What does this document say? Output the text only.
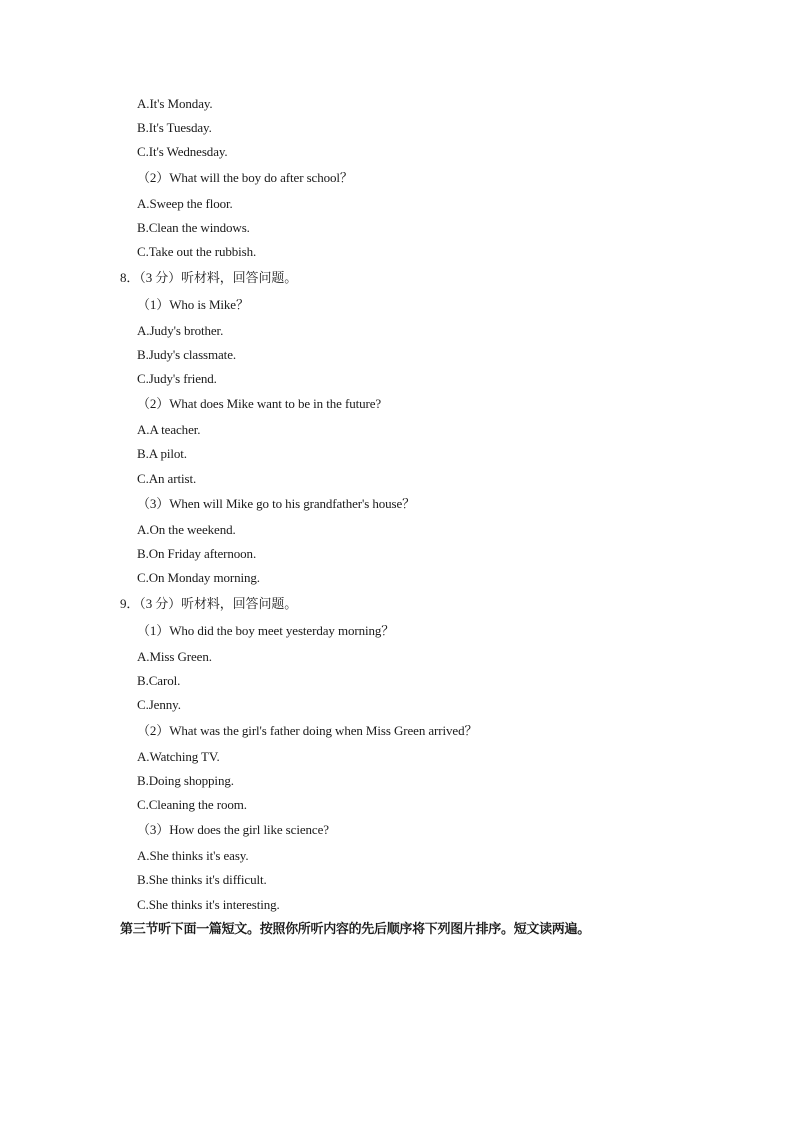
A.It's Monday.
B.It's Tuesday.
C.It's Wednesday.
（2）What will the boy do after school？
A.Sweep the floor.
B.Clean the windows.
C.Take out the rubbish.
8．（3 分）听材料，回答问题。
（1）Who is Mike？
A.Judy's brother.
B.Judy's classmate.
C.Judy's friend.
（2）What does Mike want to be in the future?
A.A teacher.
B.A pilot.
C.An artist.
（3）When will Mike go to his grandfather's house？
A.On the weekend.
B.On Friday afternoon.
C.On Monday morning.
9．（3 分）听材料，回答问题。
（1）Who did the boy meet yesterday morning？
A.Miss Green.
B.Carol.
C.Jenny.
（2）What was the girl's father doing when Miss Green arrived？
A.Watching TV.
B.Doing shopping.
C.Cleaning the room.
（3）How does the girl like science?
A.She thinks it's easy.
B.She thinks it's difficult.
C.She thinks it's interesting.
第三节听下面一篇短文。按照你所听内容的先后顺序将下列图片排序。短文读两遍。
